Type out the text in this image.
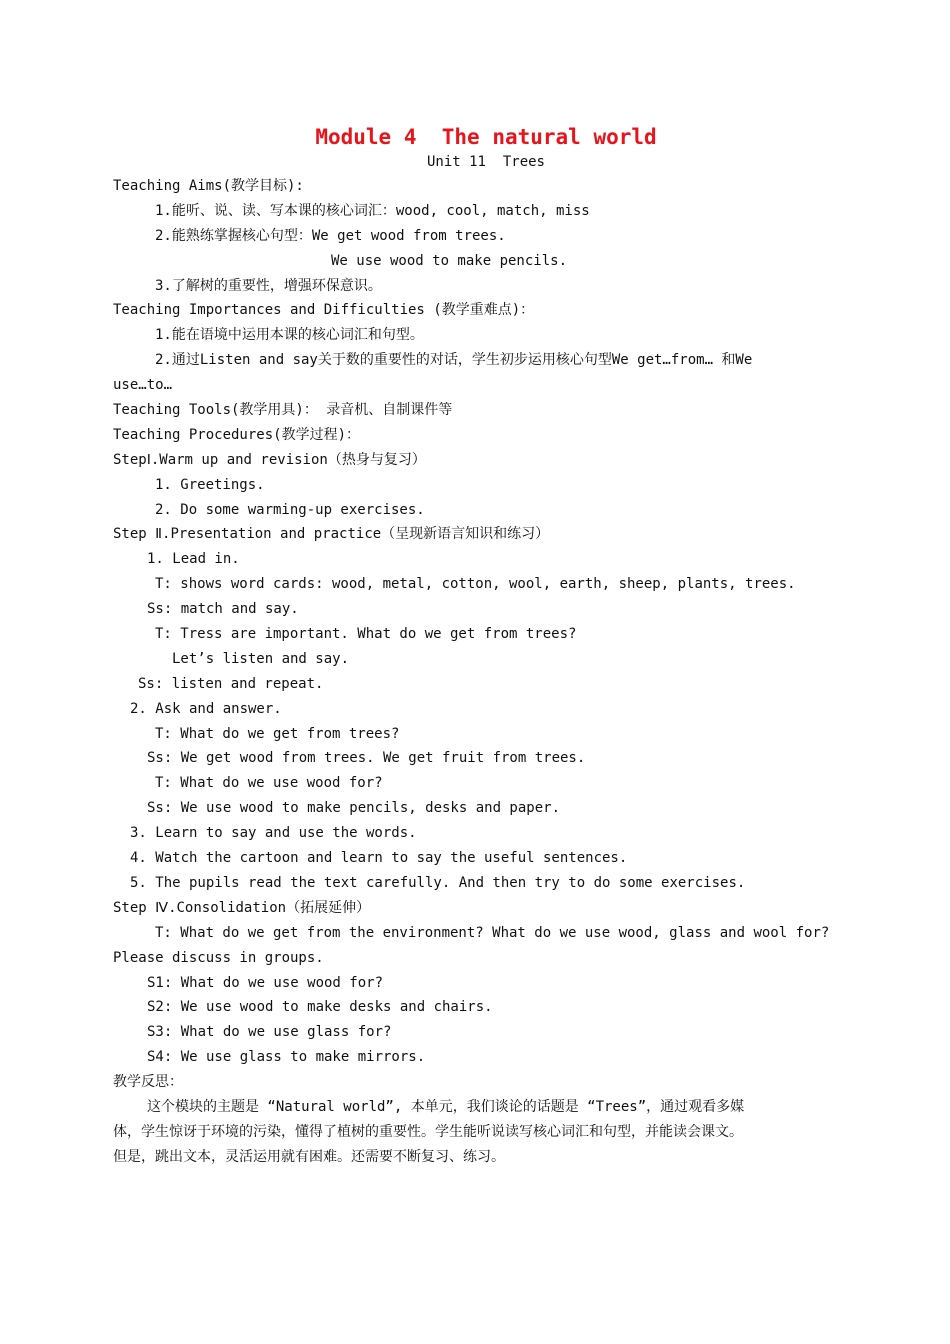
Module 4  The natural world
Unit 11  Trees
Teaching Aims(教学目标):
1.能听、说、读、写本课的核心词汇：wood, cool, match, miss
2.能熟练掌握核心句型：We get wood from trees.
We use wood to make pencils.
3.了解树的重要性，增强环保意识。
Teaching Importances and Difficulties (教学重难点)：
1.能在语境中运用本课的核心词汇和句型。
2.通过Listen and say关于数的重要性的对话，学生初步运用核心句型We get…from… 和We
use…to…
Teaching Tools(教学用具)： 录音机、自制课件等
Teaching Procedures(教学过程)：
StepⅠ.Warm up and revision（热身与复习）
1. Greetings.
2. Do some warming-up exercises.
Step Ⅱ.Presentation and practice（呈现新语言知识和练习）
1. Lead in.
T: shows word cards: wood, metal, cotton, wool, earth, sheep, plants, trees.
Ss: match and say.
T: Tress are important. What do we get from trees?
Let’s listen and say.
Ss: listen and repeat.
2. Ask and answer.
T: What do we get from trees?
Ss: We get wood from trees. We get fruit from trees.
T: What do we use wood for?
Ss: We use wood to make pencils, desks and paper.
3. Learn to say and use the words.
4. Watch the cartoon and learn to say the useful sentences.
5. The pupils read the text carefully. And then try to do some exercises.
Step Ⅳ.Consolidation（拓展延伸）
T: What do we get from the environment? What do we use wood, glass and wool for?
Please discuss in groups.
S1: What do we use wood for?
S2: We use wood to make desks and chairs.
S3: What do we use glass for?
S4: We use glass to make mirrors.
教学反思：
这个模块的主题是 “Natural world”, 本单元，我们谈论的话题是 “Trees”，通过观看多媒
体，学生惊讶于环境的污染，懂得了植树的重要性。学生能听说读写核心词汇和句型，并能读会课文。
但是，跳出文本，灵活运用就有困难。还需要不断复习、练习。
